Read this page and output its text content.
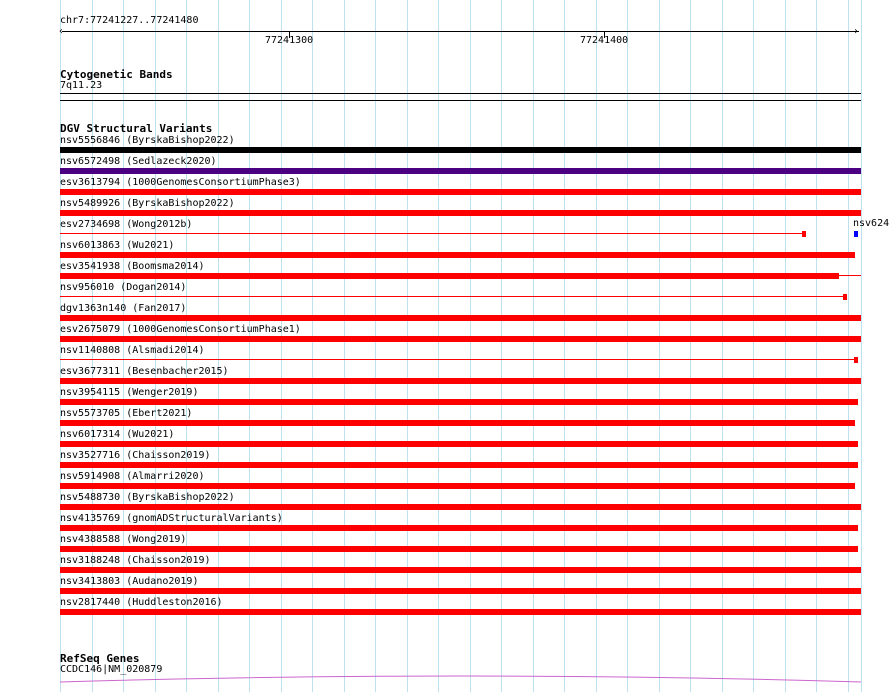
chr7:77241227..77241480
‹	›
77241300	77241400
Cytogenetic Bands
7q11.23
DGV Structural Variants
nsv5556846 (ByrskaBishop2022)
nsv6572498 (Sedlazeck2020)
esv3613794 (1000GenomesConsortiumPhase3)
nsv5489926 (ByrskaBishop2022)
esv2734698 (Wong2012b)
nsv6013863 (Wu2021)
esv3541938 (Boomsma2014)
nsv956010 (Dogan2014)
dgv1363n140 (Fan2017)
esv2675079 (1000GenomesConsortiumPhase1)
nsv1140808 (Alsmadi2014)
esv3677311 (Besenbacher2015)
nsv3954115 (Wenger2019)
nsv5573705 (Ebert2021)
nsv6017314 (Wu2021)
nsv3527716 (Chaisson2019)
nsv5914908 (Almarri2020)
nsv5488730 (ByrskaBishop2022)
nsv4135769 (gnomADStructuralVariants)
nsv4388588 (Wong2019)
nsv3188248 (Chaisson2019)
nsv3413803 (Audano2019)
nsv2817440 (Huddleston2016)
nsv624
RefSeq Genes
CCDC146|NM_020879
